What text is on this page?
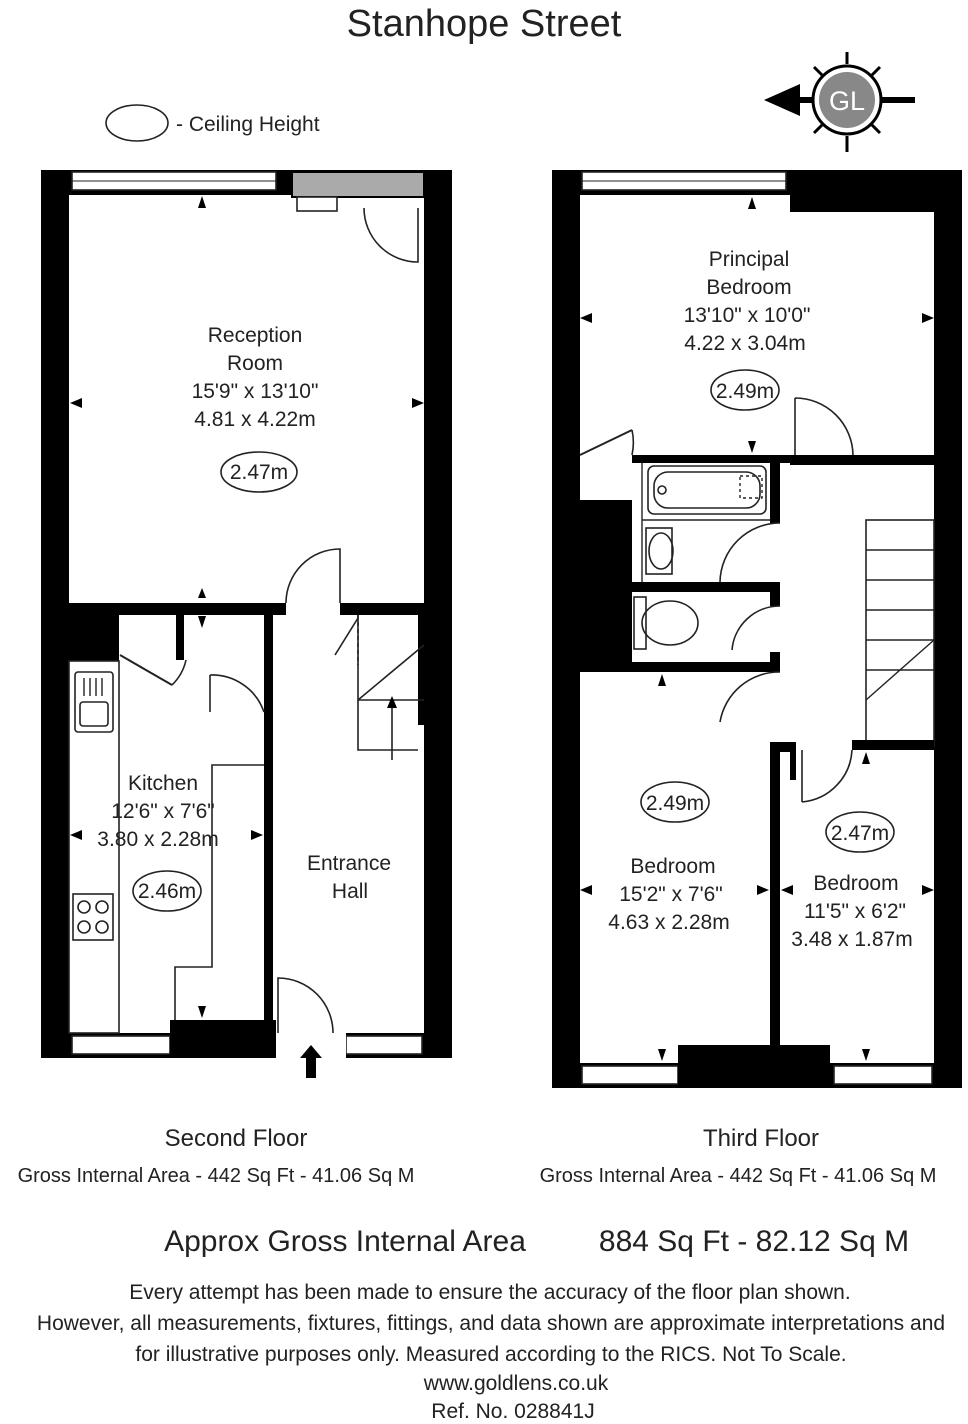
Stanhope Street
- Ceiling Height
GL
Reception
Room
15'9" x 13'10"
4.81 x 4.22m
2.47m
Kitchen
12'6" x 7'6"
3.80 x 2.28m
2.46m
Entrance
Hall
Principal
Bedroom
13'10" x 10'0"
4.22 x 3.04m
2.49m
2.49m
Bedroom
15'2" x 7'6"
4.63 x 2.28m
2.47m
Bedroom
11'5" x 6'2"
3.48 x 1.87m
Second Floor
Gross Internal Area - 442 Sq Ft - 41.06 Sq M
Third Floor
Gross Internal Area - 442 Sq Ft - 41.06 Sq M
Approx Gross Internal Area 884 Sq Ft - 82.12 Sq M
Every attempt has been made to ensure the accuracy of the floor plan shown.
However, all measurements, fixtures, fittings, and data shown are approximate interpretations and
for illustrative purposes only. Measured according to the RICS. Not To Scale.
www.goldlens.co.uk
Ref. No. 028841J
